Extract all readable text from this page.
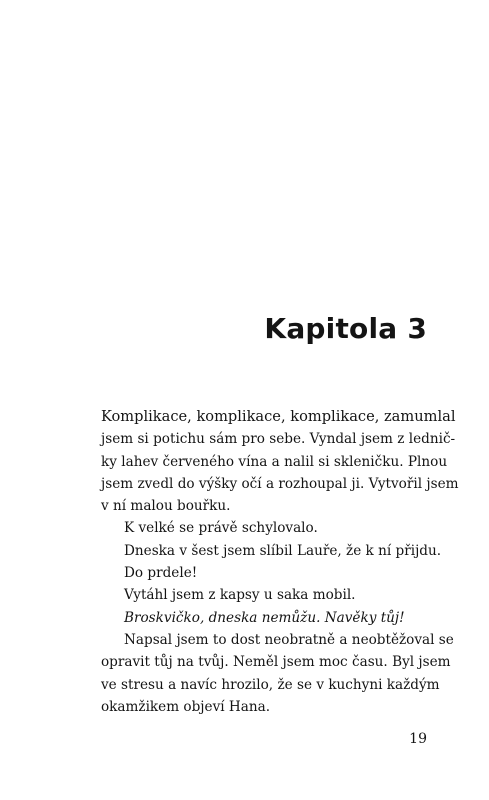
Kapitola 3
Komplikace, komplikace, komplikace, zamumlal
jsem si potichu sám pro sebe. Vyndal jsem z lednič-
ky lahev červeného vína a nalil si skleničku. Plnou
jsem zvedl do výšky očí a rozhoupal ji. Vytvořil jsem
v ní malou bouřku.
K velké se právě schylovalo.
Dneska v šest jsem slíbil Lauře, že k ní přijdu.
Do prdele!
Vytáhl jsem z kapsy u saka mobil.
Broskvičko, dneska nemůžu. Navěky tůj!
Napsal jsem to dost neobratně a neobtěžoval se
opravit tůj na tvůj. Neměl jsem moc času. Byl jsem
ve stresu a navíc hrozilo, že se v kuchyni každým
okamžikem objeví Hana.
19
